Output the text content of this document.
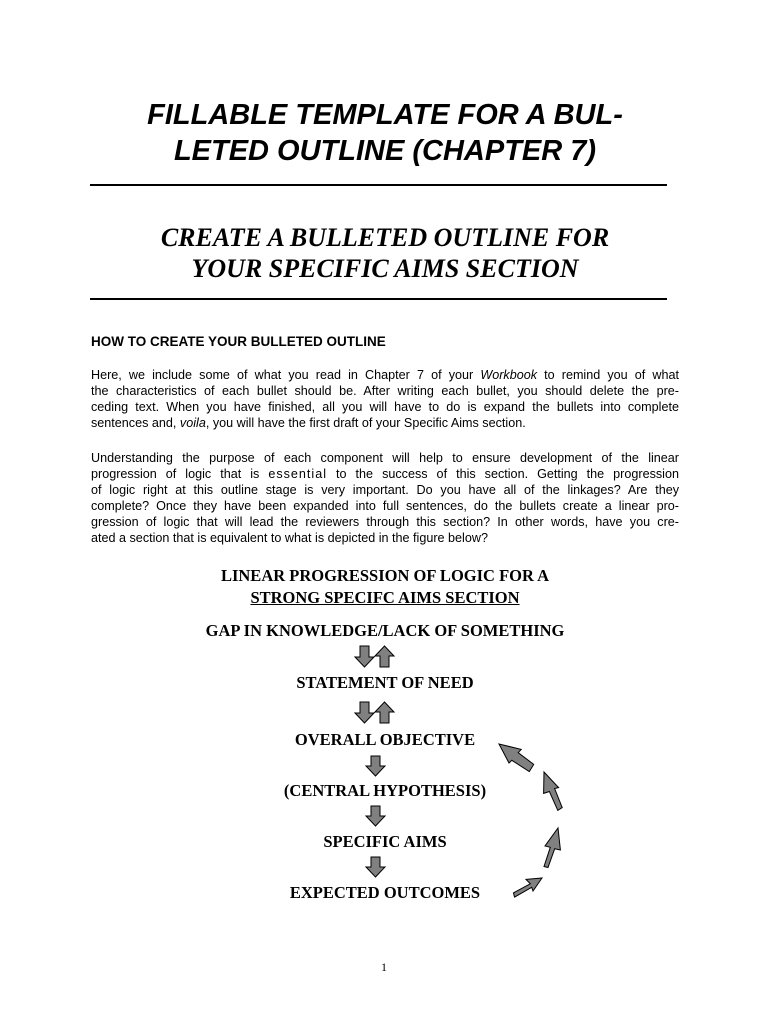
FILLABLE TEMPLATE FOR A BUL-
LETED OUTLINE (CHAPTER 7)
CREATE A BULLETED OUTLINE FOR
YOUR SPECIFIC AIMS SECTION
HOW TO CREATE YOUR BULLETED OUTLINE
Here, we include some of what you read in Chapter 7 of your Workbook to remind you of what
the characteristics of each bullet should be. After writing each bullet, you should delete the pre-
ceding text. When you have finished, all you will have to do is expand the bullets into complete
sentences and, voila, you will have the first draft of your Specific Aims section.
Understanding the purpose of each component will help to ensure development of the linear
progression of logic that is essential to the success of this section. Getting the progression
of logic right at this outline stage is very important. Do you have all of the linkages? Are they
complete? Once they have been expanded into full sentences, do the bullets create a linear pro-
gression of logic that will lead the reviewers through this section? In other words, have you cre-
ated a section that is equivalent to what is depicted in the figure below?
LINEAR PROGRESSION OF LOGIC FOR A
STRONG SPECIFC AIMS SECTION
GAP IN KNOWLEDGE/LACK OF SOMETHING
STATEMENT OF NEED
OVERALL OBJECTIVE
(CENTRAL HYPOTHESIS)
SPECIFIC AIMS
EXPECTED OUTCOMES
1
